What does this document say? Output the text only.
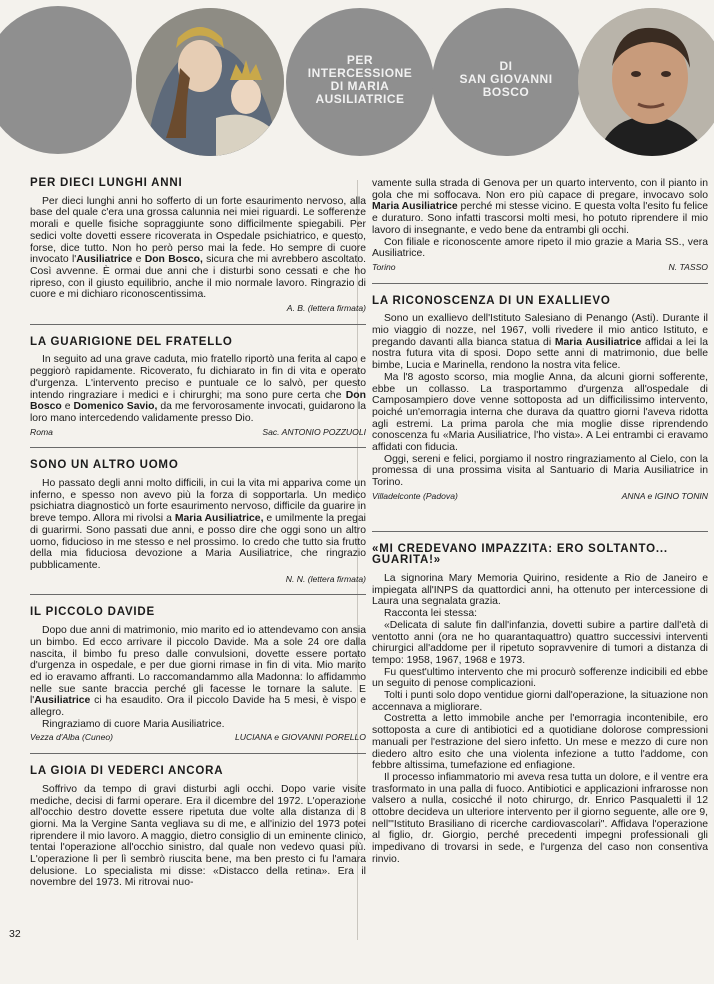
PER
INTERCESSIONE
DI MARIA
AUSILIATRICE
DI
SAN GIOVANNI
BOSCO
PER DIECI LUNGHI ANNI

Per dieci lunghi anni ho sofferto di un forte esaurimento nervoso, alla base del quale c'era una grossa calunnia nei miei riguardi. Le sofferenze morali e quelle fisiche sopraggiunte sono difficilmente spiegabili. Per sedici volte dovetti essere ricoverata in Ospedale psichiatrico, e questo, forse, dice tutto. Non ho però perso mai la fede. Ho sempre di cuore invocato l'Ausiliatrice e Don Bosco, sicura che mi avrebbero ascoltato. Così avvenne. È ormai due anni che i disturbi sono cessati e che ho ripreso, con il giusto equilibrio, anche il mio normale lavoro. Ringrazio di cuore e mi dichiaro riconoscentissima.

A. B. (lettera firmata)
LA GUARIGIONE DEL FRATELLO

In seguito ad una grave caduta, mio fratello riportò una ferita al capo e peggiorò rapidamente. Ricoverato, fu dichiarato in fin di vita e operato d'urgenza. L'intervento preciso e puntuale ce lo salvò, per questo intendo ringraziare i medici e i chirurghi; ma sono pure certa che Don Bosco e Domenico Savio, da me fervorosamente invocati, guidarono la loro mano intercedendo validamente presso Dio.

Roma	Sac. ANTONIO POZZUOLI
SONO UN ALTRO UOMO

Ho passato degli anni molto difficili, in cui la vita mi appariva come un inferno, e spesso non avevo più la forza di sopportarla. Un medico psichiatra diagnosticò un forte esaurimento nervoso, difficile da guarire in breve tempo. Allora mi rivolsi a Maria Ausiliatrice, e umilmente la pregai di guarirmi. Sono passati due anni, e posso dire che oggi sono un altro uomo, fiducioso in me stesso e nel prossimo. Io credo che tutto sia frutto della mia fiduciosa devozione a Maria Ausiliatrice, che ringrazio pubblicamente.

N. N. (lettera firmata)
IL PICCOLO DAVIDE

Dopo due anni di matrimonio, mio marito ed io attendevamo con ansia un bimbo. Ed ecco arrivare il piccolo Davide. Ma a sole 24 ore dalla nascita, il bimbo fu preso dalle convulsioni, dovette essere portato d'urgenza in ospedale, e per due giorni rimase in fin di vita. Mio marito ed io eravamo affranti. Lo raccomandammo alla Madonna: lo affidammo nelle sue sante braccia perché gli facesse le tornare la salute. E l'Ausiliatrice ci ha esaudito. Ora il piccolo Davide ha 5 mesi, è vispo e allegro.

Ringraziamo di cuore Maria Ausiliatrice.

Vezza d'Alba (Cuneo)	LUCIANA e GIOVANNI PORELLO
LA GIOIA DI VEDERCI ANCORA

Soffrivo da tempo di gravi disturbi agli occhi. Dopo varie visite mediche, decisi di farmi operare. Era il dicembre del 1972. L'operazione all'occhio destro dovette essere ripetuta due volte alla distanza di 8 giorni. Ma la Vergine Santa vegliava su di me, e all'inizio del 1973 potei riprendere il mio lavoro. A maggio, dietro consiglio di un eminente clinico, tentai l'operazione all'occhio sinistro, dal quale non vedevo quasi più. L'operazione lì per lì sembrò riuscita bene, ma ben presto ci fu l'amara delusione. Lo specialista mi disse: «Distacco della retina». Era il novembre del 1973. Mi ritrovai nuo-

vamente sulla strada di Genova per un quarto intervento, con il pianto in gola che mi soffocava. Non ero più capace di pregare, invocavo solo Maria Ausiliatrice perché mi stesse vicino. E questa volta l'esito fu felice e duraturo. Sono infatti trascorsi molti mesi, ho potuto riprendere il mio lavoro di insegnante, e vedo bene da entrambi gli occhi.

Con filiale e riconoscente amore ripeto il mio grazie a Maria SS., vera Ausiliatrice.

Torino	N. TASSO
LA RICONOSCENZA DI UN EXALLIEVO

Sono un exallievo dell'Istituto Salesiano di Penango (Asti). Durante il mio viaggio di nozze, nel 1967, volli rivedere il mio antico Istituto, e pregando davanti alla bianca statua di Maria Ausiliatrice affidai a lei la nostra futura vita di sposi. Dopo sette anni di matrimonio, due belle bimbe, Lucia e Marinella, rendono la nostra vita felice.

Ma l'8 agosto scorso, mia moglie Anna, da alcuni giorni sofferente, ebbe un collasso. La trasportammo d'urgenza all'ospedale di Camposampiero dove venne sottoposta ad un difficilissimo intervento, poiché un'emorragia interna che durava da quattro giorni l'aveva ridotta agli estremi. La prima parola che mia moglie disse riprendendo conoscenza fu «Maria Ausiliatrice, l'ho vista». A Lei entrambi ci eravamo affidati con fiducia.

Oggi, sereni e felici, porgiamo il nostro ringraziamento al Cielo, con la promessa di una prossima visita al Santuario di Maria Ausiliatrice in Torino.

Villadelconte (Padova)	ANNA e IGINO TONIN
«MI CREDEVANO IMPAZZITA: ERO SOLTANTO... GUARITA!»

La signorina Mary Memoria Quirino, residente a Rio de Janeiro e impiegata all'INPS da quattordici anni, ha ottenuto per intercessione di Laura una segnalata grazia.

Racconta lei stessa:

«Delicata di salute fin dall'infanzia, dovetti subire a partire dall'età di ventotto anni (ora ne ho quarantaquattro) quattro successivi interventi chirurgici all'addome per il ripetuto sopravvenire di tumori a distanza di tempo: 1958, 1967, 1968 e 1973.

Fu quest'ultimo intervento che mi procurò sofferenze indicibili ed ebbe un seguito di penose complicazioni.

Tolti i punti solo dopo ventidue giorni dall'operazione, la situazione non accennava a migliorare.

Costretta a letto immobile anche per l'emorragia incontenibile, ero sottoposta a cure di antibiotici ed a quotidiane dolorose compressioni manuali per l'estrazione del siero infetto. Un mese e mezzo di cure non diedero altro esito che una violenta infezione a tutto l'addome, con febbre altissima, tumefazione ed enfiagione.

Il processo infiammatorio mi aveva resa tutta un dolore, e il ventre era trasformato in una palla di fuoco. Antibiotici e applicazioni infrarosse non valsero a nulla, cosicché il noto chirurgo, dr. Enrico Pasqualetti il 12 ottobre decideva un ulteriore intervento per il giorno seguente, alle ore 9, nell'"Istituto Brasiliano di ricerche cardiovascolari". Affidava l'operazione al figlio, dr. Giorgio, perché precedenti impegni professionali gli impedivano di trovarsi in sede, e l'urgenza del caso non consentiva rinvio.

32
